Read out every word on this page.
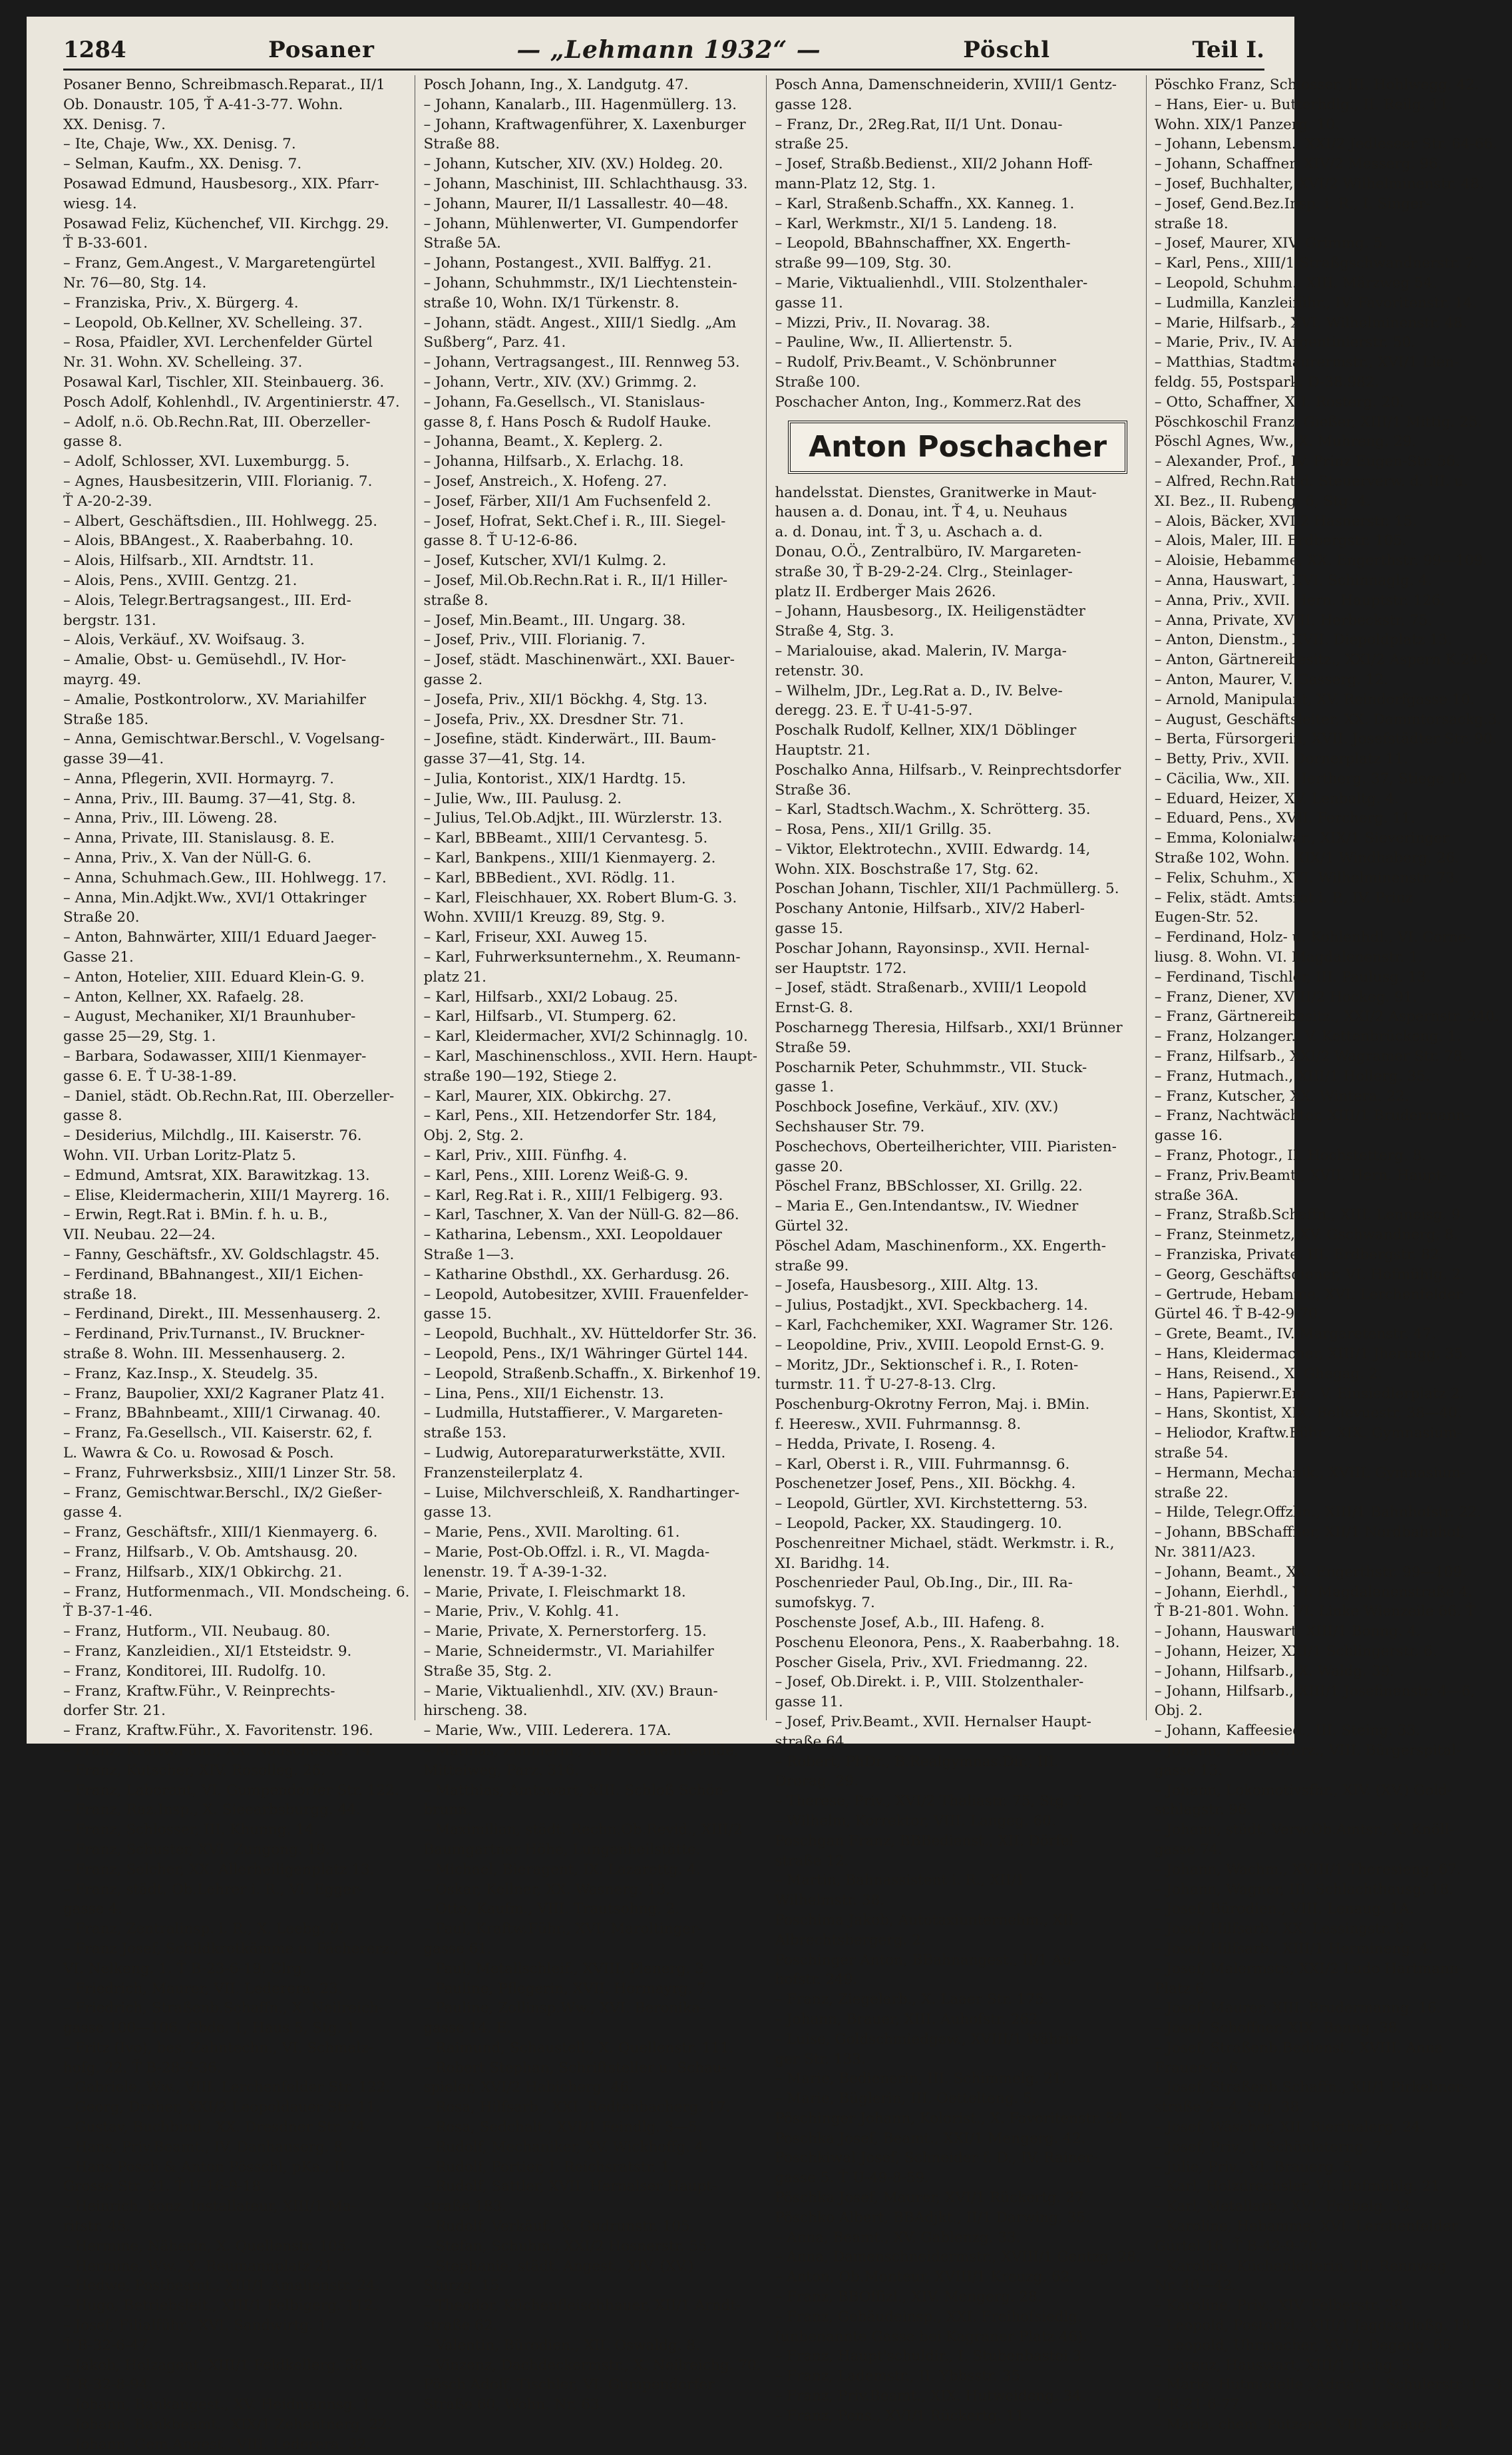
1284	Posaner	— „Lehmann 1932“ —	Pöschl	Teil I.
Posaner Benno, Schreibmasch.Reparat., II/1
Ob. Donaustr. 105, Ť A-41-3-77. Wohn.
XX. Denisg. 7.
– Ite, Chaje, Ww., XX. Denisg. 7.
– Selman, Kaufm., XX. Denisg. 7.
Posawad Edmund, Hausbesorg., XIX. Pfarr-
wiesg. 14.
Posawad Feliz, Küchenchef, VII. Kirchgg. 29.
Ť B-33-601.
– Franz, Gem.Angest., V. Margaretengürtel
Nr. 76—80, Stg. 14.
– Franziska, Priv., X. Bürgerg. 4.
– Leopold, Ob.Kellner, XV. Schelleing. 37.
– Rosa, Pfaidler, XVI. Lerchenfelder Gürtel
Nr. 31. Wohn. XV. Schelleing. 37.
Posawal Karl, Tischler, XII. Steinbauerg. 36.
Posch Adolf, Kohlenhdl., IV. Argentinierstr. 47.
– Adolf, n.ö. Ob.Rechn.Rat, III. Oberzeller-
gasse 8.
– Adolf, Schlosser, XVI. Luxemburgg. 5.
– Agnes, Hausbesitzerin, VIII. Florianig. 7.
Ť A-20-2-39.
– Albert, Geschäftsdien., III. Hohlwegg. 25.
– Alois, BBAngest., X. Raaberbahng. 10.
– Alois, Hilfsarb., XII. Arndtstr. 11.
– Alois, Pens., XVIII. Gentzg. 21.
– Alois, Telegr.Bertragsangest., III. Erd-
bergstr. 131.
– Alois, Verkäuf., XV. Woifsaug. 3.
– Amalie, Obst- u. Gemüsehdl., IV. Hor-
mayrg. 49.
– Amalie, Postkontrolorw., XV. Mariahilfer
Straße 185.
– Anna, Gemischtwar.Berschl., V. Vogelsang-
gasse 39—41.
– Anna, Pflegerin, XVII. Hormayrg. 7.
– Anna, Priv., III. Baumg. 37—41, Stg. 8.
– Anna, Priv., III. Löweng. 28.
– Anna, Private, III. Stanislausg. 8. E.
– Anna, Priv., X. Van der Nüll-G. 6.
– Anna, Schuhmach.Gew., III. Hohlwegg. 17.
– Anna, Min.Adjkt.Ww., XVI/1 Ottakringer
Straße 20.
– Anton, Bahnwärter, XIII/1 Eduard Jaeger-
Gasse 21.
– Anton, Hotelier, XIII. Eduard Klein-G. 9.
– Anton, Kellner, XX. Rafaelg. 28.
– August, Mechaniker, XI/1 Braunhuber-
gasse 25—29, Stg. 1.
– Barbara, Sodawasser, XIII/1 Kienmayer-
gasse 6. E. Ť U-38-1-89.
– Daniel, städt. Ob.Rechn.Rat, III. Oberzeller-
gasse 8.
– Desiderius, Milchdlg., III. Kaiserstr. 76.
Wohn. VII. Urban Loritz-Platz 5.
– Edmund, Amtsrat, XIX. Barawitzkag. 13.
– Elise, Kleidermacherin, XIII/1 Mayrerg. 16.
– Erwin, Regt.Rat i. BMin. f. h. u. B.,
VII. Neubau. 22—24.
– Fanny, Geschäftsfr., XV. Goldschlagstr. 45.
– Ferdinand, BBahnangest., XII/1 Eichen-
straße 18.
– Ferdinand, Direkt., III. Messenhauserg. 2.
– Ferdinand, Priv.Turnanst., IV. Bruckner-
straße 8. Wohn. III. Messenhauserg. 2.
– Franz, Kaz.Insp., X. Steudelg. 35.
– Franz, Baupolier, XXI/2 Kagraner Platz 41.
– Franz, BBahnbeamt., XIII/1 Cirwanag. 40.
– Franz, Fa.Gesellsch., VII. Kaiserstr. 62, f.
L. Wawra & Co. u. Rowosad & Posch.
– Franz, Fuhrwerksbsiz., XIII/1 Linzer Str. 58.
– Franz, Gemischtwar.Berschl., IX/2 Gießer-
gasse 4.
– Franz, Geschäftsfr., XIII/1 Kienmayerg. 6.
– Franz, Hilfsarb., V. Ob. Amtshausg. 20.
– Franz, Hilfsarb., XIX/1 Obkirchg. 21.
– Franz, Hutformenmach., VII. Mondscheing. 6.
Ť B-37-1-46.
– Franz, Hutform., VII. Neubaug. 80.
– Franz, Kanzleidien., XI/1 Etsteidstr. 9.
– Franz, Konditorei, III. Rudolfg. 10.
– Franz, Kraftw.Führ., V. Reinprechts-
dorfer Str. 21.
– Franz, Kraftw.Führ., X. Favoritenstr. 196.
– Franz, Kraftw.Führ., XX. Nauschesstr. 14.
– Franz, Kutscher, XIV. Rosolleg. 26.
– Franz, Laborant, VI. Gumpendorfer Str. 122.
– Franz, Raz.Insp., X. Sieearbsburgg. 44.
– Franz, Schlosser, III. Khunng. 14.
– Franz, Schuster, XVI. Zungong. 19.
– Franz, Selcher, XX. Allerheiligenplatz 13.
– Franz, städt. Ob.Lehrer i. R., VI. Egger-
gasse 4.
– Franz, Zentralinsp. i. R., X. Leebg. 9.
– Franz Josef, Schildkrotkämme u. Fächererz.,
VI. Nelkeng. 1. Ť B-23-6-19. Clrg.
– Friedrich, Maurer, VII. Lederera. 23.
– Friedrich, Straßenb.Schaffn., X. Neilreich-
gasse 100—106, Gbde. 1, Haus 5, Stg. 1.
– Fritz (Ivo), bes. Zahntechn., VI. Schmalz-
hofg. 22. Ť B-28-7-36.
– Gabriele, Ww., VIII. Lerchenfelder Str. 122.
– Georg, Dreher, XXI/2 Leopoldauer Str. 11.
– Gustav, Buchbind., XX. Dresdner Str. 74.
– Hans, Priv.Beamt., IV. Danhauserg. 8.
– Hans Posch & Anton Pösschl, pKa., II.
Grosse Str. 21. Ť U-16-9-18.
– Heinrich, konz. Installateur, XIII/1 Ma-
ritstr. 45.
– Hermine, Näherin, X. Quellenstr. 105.
– Hermine, Ww., X. Reumannplatz 21.
– Hedwe, Postbeamt., XIII/1 Amalienstr. 24.
– Hugo, Betriebsleit., XIII/1 Felbigerg. 112.
– Josef, Filialführ., XVI. Sandwirtg. 1.
Ť B-32-6-47.
– Jakob, Holzagent, XIII/1 Feldkellerg. 58.
Ť R-32-8-94.
– Johann, Bankangest., XV. Heidmannsg. 1.
– Johann, Bankbeamt., XIX/1 Zehentnerg. 22.
– Johann, Gem.Angest., VIII. Lederera. 32.
Posch Johann, Ing., X. Landgutg. 47.
– Johann, Kanalarb., III. Hagenmüllerg. 13.
– Johann, Kraftwagenführer, X. Laxenburger
Straße 88.
– Johann, Kutscher, XIV. (XV.) Holdeg. 20.
– Johann, Maschinist, III. Schlachthausg. 33.
– Johann, Maurer, II/1 Lassallestr. 40—48.
– Johann, Mühlenwerter, VI. Gumpendorfer
Straße 5A.
– Johann, Postangest., XVII. Balffyg. 21.
– Johann, Schuhmmstr., IX/1 Liechtenstein-
straße 10, Wohn. IX/1 Türkenstr. 8.
– Johann, städt. Angest., XIII/1 Siedlg. „Am
Sußberg“, Parz. 41.
– Johann, Vertragsangest., III. Rennweg 53.
– Johann, Vertr., XIV. (XV.) Grimmg. 2.
– Johann, Fa.Gesellsch., VI. Stanislaus-
gasse 8, f. Hans Posch & Rudolf Hauke.
– Johanna, Beamt., X. Keplerg. 2.
– Johanna, Hilfsarb., X. Erlachg. 18.
– Josef, Anstreich., X. Hofeng. 27.
– Josef, Färber, XII/1 Am Fuchsenfeld 2.
– Josef, Hofrat, Sekt.Chef i. R., III. Siegel-
gasse 8. Ť U-12-6-86.
– Josef, Kutscher, XVI/1 Kulmg. 2.
– Josef, Mil.Ob.Rechn.Rat i. R., II/1 Hiller-
straße 8.
– Josef, Min.Beamt., III. Ungarg. 38.
– Josef, Priv., VIII. Florianig. 7.
– Josef, städt. Maschinenwärt., XXI. Bauer-
gasse 2.
– Josefa, Priv., XII/1 Böckhg. 4, Stg. 13.
– Josefa, Priv., XX. Dresdner Str. 71.
– Josefine, städt. Kinderwärt., III. Baum-
gasse 37—41, Stg. 14.
– Julia, Kontorist., XIX/1 Hardtg. 15.
– Julie, Ww., III. Paulusg. 2.
– Julius, Tel.Ob.Adjkt., III. Würzlerstr. 13.
– Karl, BBBeamt., XIII/1 Cervantesg. 5.
– Karl, Bankpens., XIII/1 Kienmayerg. 2.
– Karl, BBBedient., XVI. Rödlg. 11.
– Karl, Fleischhauer, XX. Robert Blum-G. 3.
Wohn. XVIII/1 Kreuzg. 89, Stg. 9.
– Karl, Friseur, XXI. Auweg 15.
– Karl, Fuhrwerksunternehm., X. Reumann-
platz 21.
– Karl, Hilfsarb., XXI/2 Lobaug. 25.
– Karl, Hilfsarb., VI. Stumperg. 62.
– Karl, Kleidermacher, XVI/2 Schinnaglg. 10.
– Karl, Maschinenschloss., XVII. Hern. Haupt-
straße 190—192, Stiege 2.
– Karl, Maurer, XIX. Obkirchg. 27.
– Karl, Pens., XII. Hetzendorfer Str. 184,
Obj. 2, Stg. 2.
– Karl, Priv., XIII. Fünfhg. 4.
– Karl, Pens., XIII. Lorenz Weiß-G. 9.
– Karl, Reg.Rat i. R., XIII/1 Felbigerg. 93.
– Karl, Taschner, X. Van der Nüll-G. 82—86.
– Katharina, Lebensm., XXI. Leopoldauer
Straße 1—3.
– Katharine Obsthdl., XX. Gerhardusg. 26.
– Leopold, Autobesitzer, XVIII. Frauenfelder-
gasse 15.
– Leopold, Buchhalt., XV. Hütteldorfer Str. 36.
– Leopold, Pens., IX/1 Währinger Gürtel 144.
– Leopold, Straßenb.Schaffn., X. Birkenhof 19.
– Lina, Pens., XII/1 Eichenstr. 13.
– Ludmilla, Hutstaffierer., V. Margareten-
straße 153.
– Ludwig, Autoreparaturwerkstätte, XVII.
Franzensteilerplatz 4.
– Luise, Milchverschleiß, X. Randhartinger-
gasse 13.
– Marie, Pens., XVII. Marolting. 61.
– Marie, Post-Ob.Offzl. i. R., VI. Magda-
lenenstr. 19. Ť A-39-1-32.
– Marie, Private, I. Fleischmarkt 18.
– Marie, Priv., V. Kohlg. 41.
– Marie, Private, X. Pernerstorferg. 15.
– Marie, Schneidermstr., VI. Mariahilfer
Straße 35, Stg. 2.
– Marie, Viktualienhdl., XIV. (XV.) Braun-
hirscheng. 38.
– Marie, Ww., VIII. Lederera. 17A.
– Mathias, Zimmerm., XII/1 Gartenfreunde,
Mitteiweg, Parz. 316.
– Matthias, Amtswart, XIII. Schloß Schön-
brunn.
– Maximilian, städt. Rechn.Ob.Revid., XIII/2
Baumgartner Höhe, Lungenheilstätte.
– Michael, Bieragent, IX. Lazarettg. 4.
– Oskar, Kellner, XX. Wasnerg. 13.
– Otto, Kaufm., VIII. Trautsohng. 2.
– Paul, Kraftw.Führ., XVI. Maroltinger-
gasse 61.
– Paul, Metallschleif., XVIII. Plenerg. 3.
– Pauline, Pflegerin, XVII. Hormayrg. 7.
– Pauline, Zollinsp.Ww., XVI. Beronika-
gasse 14. E.
– Raimund, Schaustell., X. Quellenstr. 111.
– Robert Stephan, Schriftsteller u. Schau-
spieler, XVI/2 Habicherg. 46.
– Rosa, Hilfsarb., XXI. Redtenbacherg. 17.
– Rosa, Sedchalt., XVI/1 Feindlg. 3—5.
– Rudolf, Mechaniker, XV. Wickhoffg. 4.
– Rudolf, Portier, I. Reichsratstr. 1.
– Rudolf, Sattler, XVII. Hernalser Haupt-
straße 183.
– Rudolf, Verkäuf., X. Gudrunstr. 105.
– Stefan, Schuhm., XXI/2 Hosnerstr. 55.
– Stephanie, städt. Angest., XIV. (XV.)
Sturzg. 15.
– Theodor, Küchenfleischhauer, XII/1 Arndt-
straße 62.
– Valentin, Bürodien., XII. Oswaldg. 8.
– Vinzenz, Dachdeckermstr., X. Neilreichg. 70.
Pösch Adolf, Tischler, VI. Gumpendorfer
Straße 60, Wohn. Nr. 63.
Posch Anna, Damenschneiderin, XVIII/1 Gentz-
gasse 128.
– Franz, Dr., 2Reg.Rat, II/1 Unt. Donau-
straße 25.
– Josef, Straßb.Bedienst., XII/2 Johann Hoff-
mann-Platz 12, Stg. 1.
– Karl, Straßenb.Schaffn., XX. Kanneg. 1.
– Karl, Werkmstr., XI/1 5. Landeng. 18.
– Leopold, BBahnschaffner, XX. Engerth-
straße 99—109, Stg. 30.
– Marie, Viktualienhdl., VIII. Stolzenthaler-
gasse 11.
– Mizzi, Priv., II. Novarag. 38.
– Pauline, Ww., II. Alliertenstr. 5.
– Rudolf, Priv.Beamt., V. Schönbrunner
Straße 100.
Poschacher Anton, Ing., Kommerz.Rat des
Anton Poschacher
handelsstat. Dienstes, Granitwerke in Maut-
hausen a. d. Donau, int. Ť 4, u. Neuhaus
a. d. Donau, int. Ť 3, u. Aschach a. d.
Donau, O.Ö., Zentralbüro, IV. Margareten-
straße 30, Ť B-29-2-24. Clrg., Steinlager-
platz II. Erdberger Mais 2626.
– Johann, Hausbesorg., IX. Heiligenstädter
Straße 4, Stg. 3.
– Marialouise, akad. Malerin, IV. Marga-
retenstr. 30.
– Wilhelm, JDr., Leg.Rat a. D., IV. Belve-
deregg. 23. E. Ť U-41-5-97.
Poschalk Rudolf, Kellner, XIX/1 Döblinger
Hauptstr. 21.
Poschalko Anna, Hilfsarb., V. Reinprechtsdorfer
Straße 36.
– Karl, Stadtsch.Wachm., X. Schrötterg. 35.
– Rosa, Pens., XII/1 Grillg. 35.
– Viktor, Elektrotechn., XVIII. Edwardg. 14,
Wohn. XIX. Boschstraße 17, Stg. 62.
Poschan Johann, Tischler, XII/1 Pachmüllerg. 5.
Poschany Antonie, Hilfsarb., XIV/2 Haberl-
gasse 15.
Poschar Johann, Rayonsinsp., XVII. Hernal-
ser Hauptstr. 172.
– Josef, städt. Straßenarb., XVIII/1 Leopold
Ernst-G. 8.
Poscharnegg Theresia, Hilfsarb., XXI/1 Brünner
Straße 59.
Poscharnik Peter, Schuhmmstr., VII. Stuck-
gasse 1.
Poschbock Josefine, Verkäuf., XIV. (XV.)
Sechshauser Str. 79.
Poschechovs, Oberteilherichter, VIII. Piaristen-
gasse 20.
Pöschel Franz, BBSchlosser, XI. Grillg. 22.
– Maria E., Gen.Intendantsw., IV. Wiedner
Gürtel 32.
Pöschel Adam, Maschinenform., XX. Engerth-
straße 99.
– Josefa, Hausbesorg., XIII. Altg. 13.
– Julius, Postadjkt., XVI. Speckbacherg. 14.
– Karl, Fachchemiker, XXI. Wagramer Str. 126.
– Leopoldine, Priv., XVIII. Leopold Ernst-G. 9.
– Moritz, JDr., Sektionschef i. R., I. Roten-
turmstr. 11. Ť U-27-8-13. Clrg.
Poschenburg-Okrotny Ferron, Maj. i. BMin.
f. Heeresw., XVII. Fuhrmannsg. 8.
– Hedda, Private, I. Roseng. 4.
– Karl, Oberst i. R., VIII. Fuhrmannsg. 6.
Poschenetzer Josef, Pens., XII. Böckhg. 4.
– Leopold, Gürtler, XVI. Kirchstetterng. 53.
– Leopold, Packer, XX. Staudingerg. 10.
Poschenreitner Michael, städt. Werkmstr. i. R.,
XI. Baridhg. 14.
Poschenrieder Paul, Ob.Ing., Dir., III. Ra-
sumofskyg. 7.
Poschenste Josef, A.b., III. Hafeng. 8.
Poschenu Eleonora, Pens., X. Raaberbahng. 18.
Poscher Gisela, Priv., XVI. Friedmanng. 22.
– Josef, Ob.Direkt. i. P., VIII. Stolzenthaler-
gasse 11.
– Josef, Priv.Beamt., XVII. Hernalser Haupt-
straße 64.
– Robert, PhDr., B.Realgymnas.Dir., III.
Drorag. 29.
– Therese, Priv., XVI/2 Thaliastr. 75, Stg. 7.
– Wilhelm, Korrektor, VIII. Langeg. 60.
Poschgan Franz, BBBedienst., XII. Dörfel-
straße 12.
– Martin, Bahnassistent i. R., XII/1
Wilhelmstr. 38.
Poschima Jakob, Autotaxiunternehm., XII.
Albrechtsbergerg. 2.
Poschinger Anton, BBahnangest., II/1 Au-
hofstr. 249.
– Franz, Ziegelarb., X. Laaer Str. 175.
– Johann, Brauer, XIII. Auhofstr. 262.
– Luise, Goldschmiedgew., XVIII/1 Währin-
ger Str. 133.
– Marie, Bedienerin, III. Schimmelg. 21.
– Marie, Büglerin, III. Oettelteng. 5.
Pöschinger Johann, Kolorist., X. Favoritenstr. 54.
Poschka Josef, Beamt., XXI/1 Mengerg. 42.
Poschkiwal Josef, Schneider f. D., IV. Rainer-
gasse 5. Ť U-49-8-59.
Pöschka Josef, Maurer, XVI/1 Rückertg. 27.
Pöschko Albert, BBAdjkt., II/1 Darwing. 35.
– Anna, Beamt., XV. Gablenzg. 33.
– Anna, Damenschneidermstr., XVIII/1 Gentzg. 28.
– Anton, Ob.Monteur, XVIII/1 Kreuzg. 62.
– Franz, BBOffizl., XIV. Mengerg. 28.
– Franz, Gebäudeinsp., XXI. Freihofsiedlg.
(unbenannte Gasse bei Kagraner Platz 46).
– Franz, Haupt'schuldir., I. Stubenbastei 3.
– Franz, Lademstr., II. Ybbsstr. 35.
– Franz, Priv.Beamt., XIX. Hutweideng. 34.
– Franz, Pens., XVI/1 Rückertg. 11.
Pöschko Franz, Schlosser, III. Hohlwegg. 42.
– Hans, Eier- u. Butterhdlg., II. Reilg. 11.
Wohn. XIX/1 Panzerg. 10.
– Johann, Lebensm., XXI/2 Jedleseer Str. 64-66.
– Johann, Schaffner, XIV/2 Messerg. 96.
– Josef, Buchhalter, XVI/2 Wilhelminenstr. 48.
– Josef, Gend.Bez.Insp. i. R., I. Singer-
straße 18.
– Josef, Maurer, XIV. Grimmg. 5.
– Karl, Pens., XIII/1 Straßgschwandnerstr. 7.
– Leopold, Schuhm., XIII. Märzweg 54.
– Ludmilla, Kanzleiführ., IV. Favoritenstr. 14.
– Marie, Hilfsarb., XVI. Wilhelminenstr. 48.
– Marie, Priv., IV. Argentinierstr. 50.
– Matthias, Stadtmaurermstr., XVI/1 Lien-
feldg. 55, Postspark. D-38.982.
– Otto, Schaffner, XII. Rosterg. 20.
Pöschkoschil Franz, Gießer, XIII/1 Mittig. 25.
Pöschl Agnes, Ww., X. Muhreng. 29.
– Alexander, Prof., IV. Prinz Eugen-Str. 56.
– Alfred, Rechn.Rat d. Steuerverw. d. III. u.
XI. Bez., II. Rubeng. 6, Stg. 4.
– Alois, Bäcker, XVI/2 Hasnerstr. 15.
– Alois, Maler, III. Erdbergstr. 105.
– Aloisie, Hebamme, XX. Engerthstr. 99—109.
– Anna, Hauswart, XVI. Schinnaglg. 4.
– Anna, Priv., XVII. Hern. Hauptstr. 126.
– Anna, Private, XVIII. Herbeckstr. 75.
– Anton, Dienstm., XVII. Diepoldplatz 13.
– Anton, Gärtnereibesitz., XXI/2 Aspern K.240.
– Anton, Maurer, V. Gasserg. 12.
– Arnold, Manipulant, XV. Reindorfgasse 10.
– August, Geschäftsleiter, XX. Dammtorsackg.3.
– Berta, Fürsorgerin, XVII. Josefstädter Str. 90.
– Betty, Priv., XVII. Dornerplatz 11.
– Cäcilia, Ww., XII. Hertherg. 37, Stiege 10.
– Eduard, Heizer, XV. Lenbaltg. 4.
– Eduard, Pens., XVII. Fercherg. 11.
– Emma, Kolonialwar., XIX/1 Sieveringer
Straße 102, Wohn. XIX/1 Windhaberg. 26.
– Felix, Schuhm., XVI. Wilhelminenstr. 73.
– Felix, städt. Amtsrat i. P., IV. Prinz
Eugen-Str. 52.
– Ferdinand, Holz- u. Kohlenhdl., VI. Corne-
liusg. 8. Wohn. VI. Magdalenenstr. 1.
– Ferdinand, Tischler, III. Paulusg. 13.
– Franz, Diener, XVIII/2 Hockeg. 91.
– Franz, Gärtnereibesitz., XXI/2 Aspernstr. 240.
– Franz, Holzanger., V. Kettenbrückeng. 1.
– Franz, Hilfsarb., XXI/2 Wagramer Str. 78.
– Franz, Hutmach., XIII/1 Hollerg. 35.
– Franz, Kutscher, XX. Wintera. 22.
– Franz, Nachtwächter, XIII/1 Brudermann-
gasse 16.
– Franz, Photogr., II. Hochstetterg. 8.
– Franz, Priv.Beamt., XVII. Hern. Haupt-
straße 36A.
– Franz, Straßb.Schaffn., XIII. Lenneisg. 9.
– Franz, Steinmetz, XV. Gschwandnerg. 8.
– Franziska, Private, III. Erdbergstr. 82.
– Georg, Geschäftsdiener, VI. Hofmühlg. 2.
– Gertrude, Hebamme, XVI. Lerchenfelder
Gürtel 46. Ť B-42-9-70.
– Grete, Beamt., IV. Margaretenstr. 47.
– Hans, Kleidermacher, XIII/1 Jheringg. 35.
– Hans, Reisend., X. Ghegag. 2.
– Hans, Papierwr.Erz., V. Einsiedlerplatz 2.
– Hans, Skontist, XIX. Bellevuestr. 38—40.
– Heliodor, Kraftw.Führ., XIX. Gymnasium-
straße 54.
– Hermann, Mechanik., XVIII. Gymnasium-
straße 22.
– Hilde, Telegr.Offzlin., XIII/1 Bahnhofstr. 22.
– Johann, BBSchaffner, XII/1 Nordbahnhof,
Nr. 3811/A23.
– Johann, Beamt., XX. Engerthstr. 99—109.
– Johann, Eierhdl., VI. Magdalenenstraße 4.
Ť B-21-801. Wohn. VI. Linke Wienzeile 66. Ť
– Johann, Hauswart, XIII/1 Bonng. 4.
– Johann, Heizer, XXI/1 Schlingerstr. 6.
– Johann, Hilfsarb., X. Waldg. 39.
– Johann, Hilfsarb., XIII/1 Josefinenstr. 4—6,
Obj. 2.
– Johann, Kaffeesied., III. Steing. 33.
– Johann, Lederwr.Erz., VIII. Bürgerspital-
gasse 13.
– Johann, Lokomotivsfhr., XIV. (XV.) Gold-
schlagstr. 96.
– Johann, städt. Verw.Ob.Amtsr., X. Knöll-
gasse 74.
– Johann, Wachm., XVIII/1 Theresieng. 67.
– Johann, Wagner, III. Schlachthausg. 18.
– Josef, Bürodien., VIII. Lenaug. 1A.
– Josef, Hilfsarb., XX. Lessingstr. 8.
– Josef, Hilfsarb., XIII/1 Hermineng. 4.
– Josef, Malermstr., XXI/2 Ludo Hartmann-
Platz 6.
– Josef, Maurer, XIII. Brudermanng. 16.
– Josef, Schoffner, XIX. Bonng. 38.
– Josef, Straßenb.Bedienst., XVIII. Anna
Frauer-G. 6.
– Josef, Straßenb.Schaffn., XII/1 Pirkebner-
straße 2—4, Stg. 38.
– Josef, Wäscher, XII. Bierthalerg. 24.
– Josef, Priv., I. Schönlaterng. 7.
– Julie, Priv., VI. Brauerg. 5.
– Karl, Holzdrechsler, VI. Hofmühlg. 21.
– Karl, Metallarb., XVI. Fröbelg. 32.
– Karoline, Hebamme, XVI. Lerchenfelder
Gürtel 16. Ť B-42-9-70.
– Karoline, Küchenleiterin, III. Rennweg
Nr. 40—42.
– Karoline, Priv., XIV. Felberstr. 38.
– Leopold, Postoffzl., XIII/1 Jagdschloßg. 18.
– Leopold, Uhrmacher, XVI/1 Degeng. 65.
– Lorenz, Hauswart, XIII/1 Juchg. 5.
– Marie, Hutmodelle „Adria“, I. Schulerstr. 1—3.
Ť R-21-6-77.
– Maria, chem. Putzerei, VIII. Lenaug. 1A.
